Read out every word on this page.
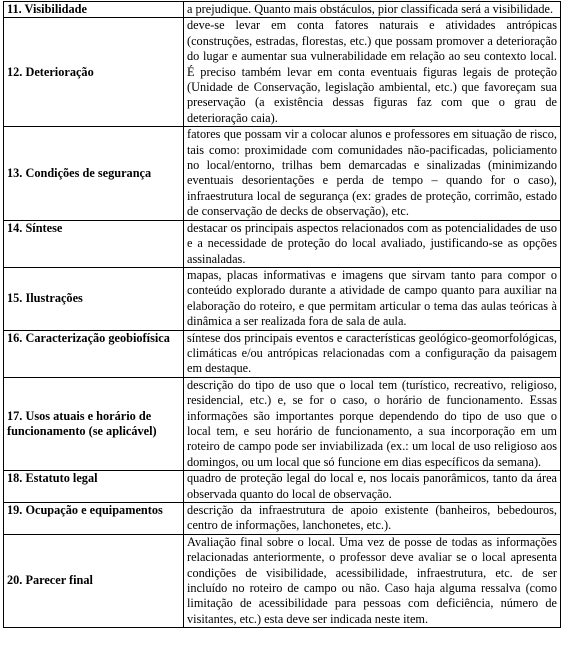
11. Visibilidade	a prejudique. Quanto mais obstáculos, pior classificada será a visibilidade.
12. Deterioração	deve-se levar em conta fatores naturais e atividades antrópicas (construções, estradas, florestas, etc.) que possam promover a deterioração do lugar e aumentar sua vulnerabilidade em relação ao seu contexto local. É preciso também levar em conta eventuais figuras legais de proteção (Unidade de Conservação, legislação ambiental, etc.) que favoreçam sua preservação (a existência dessas figuras faz com que o grau de deterioração caia).
13. Condições de segurança	fatores que possam vir a colocar alunos e professores em situação de risco, tais como: proximidade com comunidades não-pacificadas, policiamento no local/entorno, trilhas bem demarcadas e sinalizadas (minimizando eventuais desorientações e perda de tempo – quando for o caso), infraestrutura local de segurança (ex: grades de proteção, corrimão, estado de conservação de decks de observação), etc.
14. Síntese	destacar os principais aspectos relacionados com as potencialidades de uso e a necessidade de proteção do local avaliado, justificando-se as opções assinaladas.
15. Ilustrações	mapas, placas informativas e imagens que sirvam tanto para compor o conteúdo explorado durante a atividade de campo quanto para auxiliar na elaboração do roteiro, e que permitam articular o tema das aulas teóricas à dinâmica a ser realizada fora de sala de aula.
16. Caracterização geobiofísica	síntese dos principais eventos e características geológico-geomorfológicas, climáticas e/ou antrópicas relacionadas com a configuração da paisagem em destaque.
17. Usos atuais e horário de funcionamento (se aplicável)	descrição do tipo de uso que o local tem (turístico, recreativo, religioso, residencial, etc.) e, se for o caso, o horário de funcionamento. Essas informações são importantes porque dependendo do tipo de uso que o local tem, e seu horário de funcionamento, a sua incorporação em um roteiro de campo pode ser inviabilizada (ex.: um local de uso religioso aos domingos, ou um local que só funcione em dias específicos da semana).
18. Estatuto legal	quadro de proteção legal do local e, nos locais panorâmicos, tanto da área observada quanto do local de observação.
19. Ocupação e equipamentos	descrição da infraestrutura de apoio existente (banheiros, bebedouros, centro de informações, lanchonetes, etc.).
20. Parecer final	Avaliação final sobre o local. Uma vez de posse de todas as informações relacionadas anteriormente, o professor deve avaliar se o local apresenta condições de visibilidade, acessibilidade, infraestrutura, etc. de ser incluído no roteiro de campo ou não. Caso haja alguma ressalva (como limitação de acessibilidade para pessoas com deficiência, número de visitantes, etc.) esta deve ser indicada neste item.
